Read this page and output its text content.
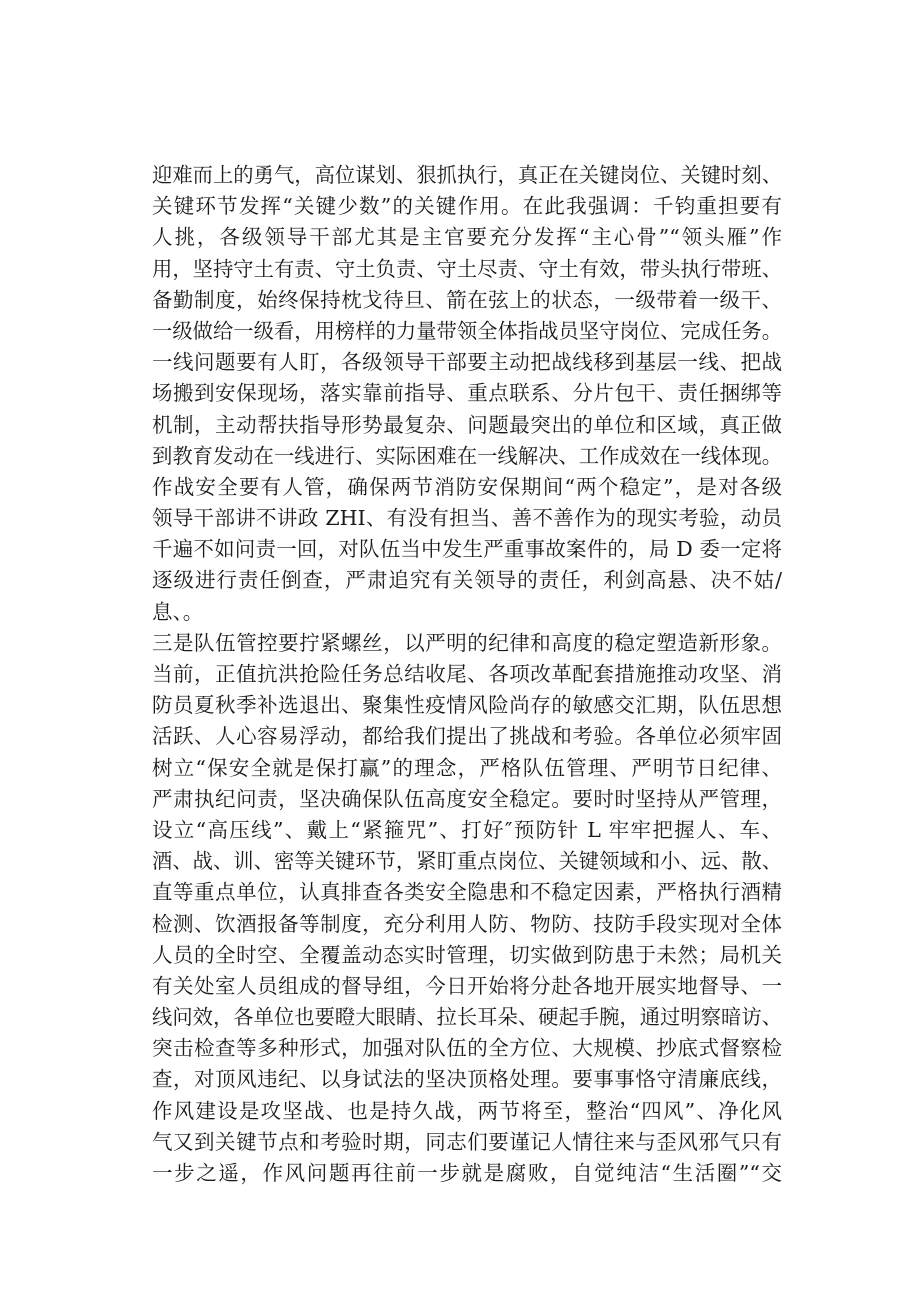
迎难而上的勇气，高位谋划、狠抓执行，真正在关键岗位、关键时刻、
关键环节发挥“关键少数”的关键作用。在此我强调：千钧重担要有
人挑，各级领导干部尤其是主官要充分发挥“主心骨”“领头雁”作
用，坚持守土有责、守土负责、守土尽责、守土有效，带头执行带班、
备勤制度，始终保持枕戈待旦、箭在弦上的状态，一级带着一级干、
一级做给一级看，用榜样的力量带领全体指战员坚守岗位、完成任务。
一线问题要有人盯，各级领导干部要主动把战线移到基层一线、把战
场搬到安保现场，落实靠前指导、重点联系、分片包干、责任捆绑等
机制，主动帮扶指导形势最复杂、问题最突出的单位和区域，真正做
到教育发动在一线进行、实际困难在一线解决、工作成效在一线体现。
作战安全要有人管，确保两节消防安保期间“两个稳定”，是对各级
领导干部讲不讲政 ZHI、有没有担当、善不善作为的现实考验，动员
千遍不如问责一回，对队伍当中发生严重事故案件的，局 D 委一定将
逐级进行责任倒查，严肃追究有关领导的责任，利剑高悬、决不姑/
息、。
三是队伍管控要拧紧螺丝，以严明的纪律和高度的稳定塑造新形象。
当前，正值抗洪抢险任务总结收尾、各项改革配套措施推动攻坚、消
防员夏秋季补选退出、聚集性疫情风险尚存的敏感交汇期，队伍思想
活跃、人心容易浮动，都给我们提出了挑战和考验。各单位必须牢固
树立“保安全就是保打赢”的理念，严格队伍管理、严明节日纪律、
严肃执纪问责，坚决确保队伍高度安全稳定。要时时坚持从严管理，
设立“高压线”、戴上“紧箍咒”、打好″预防针 L 牢牢把握人、车、
酒、战、训、密等关键环节，紧盯重点岗位、关键领域和小、远、散、
直等重点单位，认真排查各类安全隐患和不稳定因素，严格执行酒精
检测、饮酒报备等制度，充分利用人防、物防、技防手段实现对全体
人员的全时空、全覆盖动态实时管理，切实做到防患于未然；局机关
有关处室人员组成的督导组，今日开始将分赴各地开展实地督导、一
线问效，各单位也要瞪大眼睛、拉长耳朵、硬起手腕，通过明察暗访、
突击检查等多种形式，加强对队伍的全方位、大规模、抄底式督察检
查，对顶风违纪、以身试法的坚决顶格处理。要事事恪守清廉底线，
作风建设是攻坚战、也是持久战，两节将至，整治“四风”、净化风
气又到关键节点和考验时期，同志们要谨记人情往来与歪风邪气只有
一步之遥，作风问题再往前一步就是腐败，自觉纯洁“生活圈”“交
